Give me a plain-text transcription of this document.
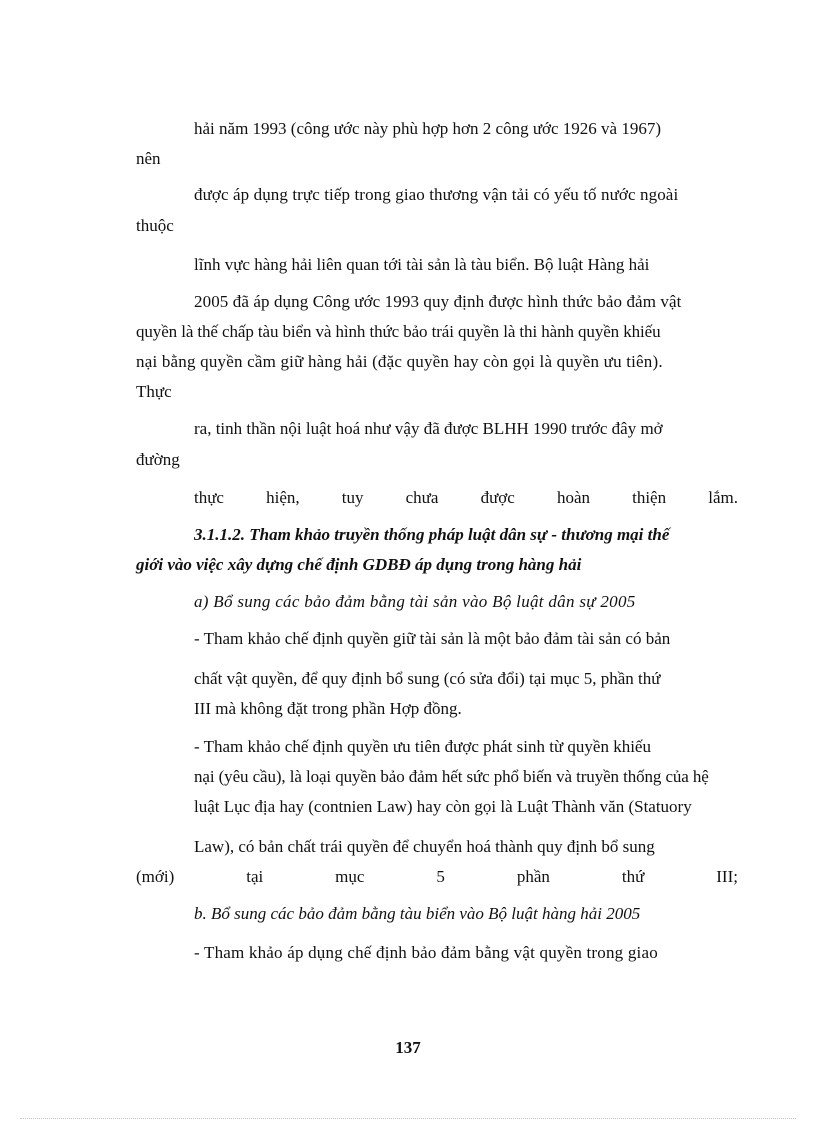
hải năm 1993 (công ước này phù hợp hơn 2 công ước 1926 và 1967)
nên
được áp dụng trực tiếp trong giao thương vận tải có yếu tố nước ngoài
thuộc
lĩnh vực hàng hải liên quan tới tài sản là tàu biển. Bộ luật Hàng hải
2005 đã áp dụng Công ước 1993 quy định được hình thức bảo đảm vật
quyền là thế chấp tàu biển và hình thức bảo trái quyền là thi hành quyền khiếu
nại bằng quyền cầm giữ hàng hải (đặc quyền hay còn gọi là quyền ưu tiên).
Thực
ra, tinh thần nội luật hoá như vậy đã được BLHH 1990 trước đây mở
đường
thực hiện, tuy chưa được hoàn thiện lắm.
3.1.1.2. Tham khảo truyền thống pháp luật dân sự - thương mại thế
giới vào việc xây dựng chế định GDBĐ áp dụng trong hàng hải
a) Bổ sung các bảo đảm bằng tài sản vào Bộ luật dân sự 2005
- Tham khảo chế định quyền giữ tài sản là một bảo đảm tài sản có bản
chất vật quyền, để quy định bổ sung (có sửa đổi) tại mục 5, phần thứ
III mà không đặt trong phần Hợp đồng.
- Tham khảo chế định quyền ưu tiên được phát sinh từ quyền khiếu
nại (yêu cầu), là loại quyền bảo đảm hết sức phổ biến và truyền thống của hệ
luật Lục địa hay (contnien Law) hay còn gọi là Luật Thành văn (Statuory
Law), có bản chất trái quyền để chuyển hoá thành quy định bổ sung
(mới)	tại	mục	5	phần	thứ	III;
b. Bổ sung các bảo đảm bằng tàu biển vào Bộ luật hàng hải 2005
- Tham khảo áp dụng chế định bảo đảm bằng vật quyền trong giao
137
